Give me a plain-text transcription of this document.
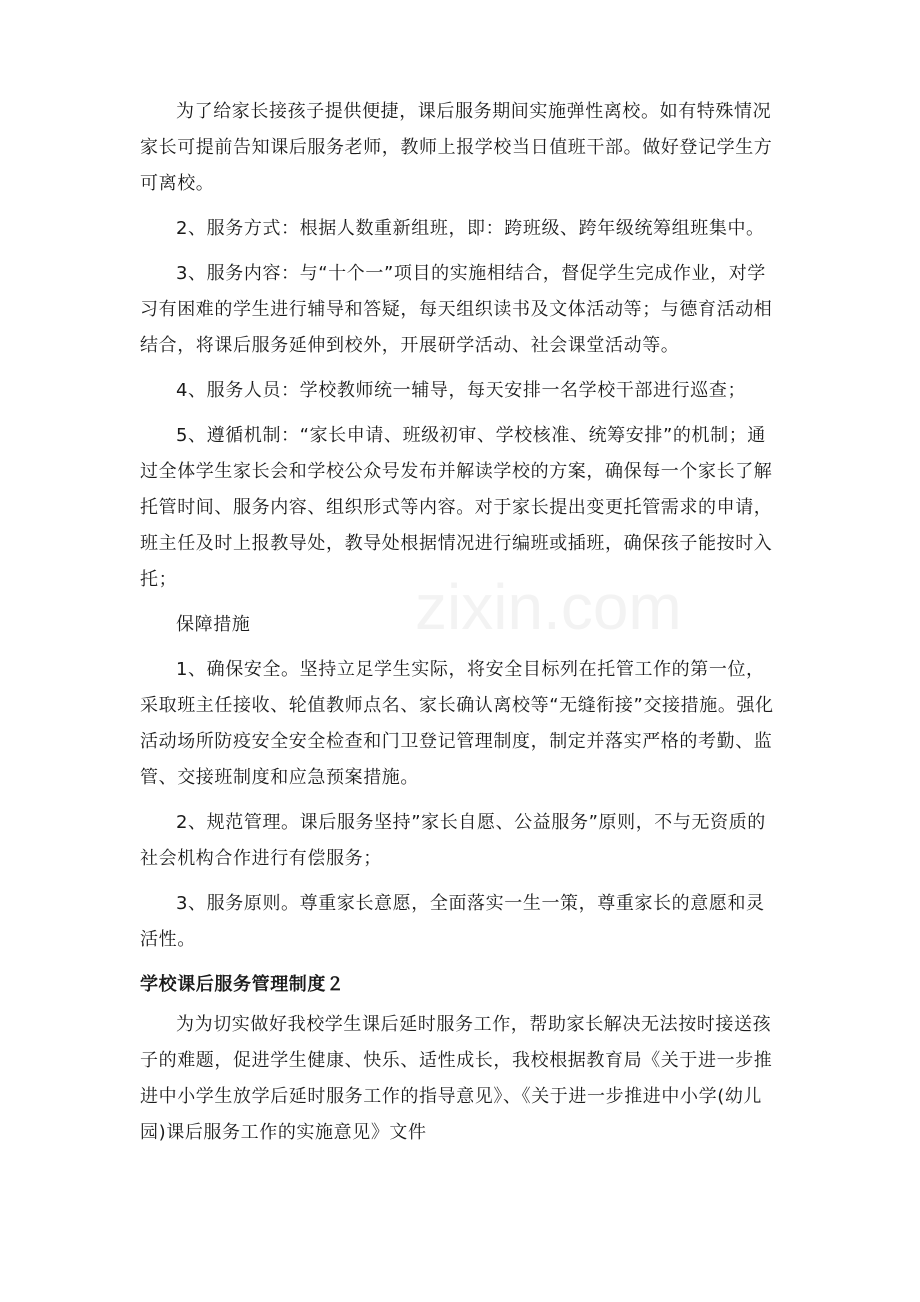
zixin.com

为了给家长接孩子提供便捷，课后服务期间实施弹性离校。如有特殊情况家长可提前告知课后服务老师，教师上报学校当日值班干部。做好登记学生方可离校。

2、服务方式：根据人数重新组班，即：跨班级、跨年级统筹组班集中。

3、服务内容：与“十个一”项目的实施相结合，督促学生完成作业，对学习有困难的学生进行辅导和答疑，每天组织读书及文体活动等；与德育活动相结合，将课后服务延伸到校外，开展研学活动、社会课堂活动等。

4、服务人员：学校教师统一辅导，每天安排一名学校干部进行巡查；

5、遵循机制：“家长申请、班级初审、学校核准、统筹安排”的机制；通过全体学生家长会和学校公众号发布并解读学校的方案，确保每一个家长了解托管时间、服务内容、组织形式等内容。对于家长提出变更托管需求的申请，班主任及时上报教导处，教导处根据情况进行编班或插班，确保孩子能按时入托；

保障措施

1、确保安全。坚持立足学生实际，将安全目标列在托管工作的第一位，采取班主任接收、轮值教师点名、家长确认离校等“无缝衔接”交接措施。强化活动场所防疫安全安全检查和门卫登记管理制度，制定并落实严格的考勤、监管、交接班制度和应急预案措施。

2、规范管理。课后服务坚持”家长自愿、公益服务”原则，不与无资质的社会机构合作进行有偿服务；

3、服务原则。尊重家长意愿，全面落实一生一策，尊重家长的意愿和灵活性。

学校课后服务管理制度２

为为切实做好我校学生课后延时服务工作，帮助家长解决无法按时接送孩子的难题，促进学生健康、快乐、适性成长，我校根据教育局《关于进一步推进中小学生放学后延时服务工作的指导意见》、《关于进一步推进中小学(幼儿园)课后服务工作的实施意见》文件
